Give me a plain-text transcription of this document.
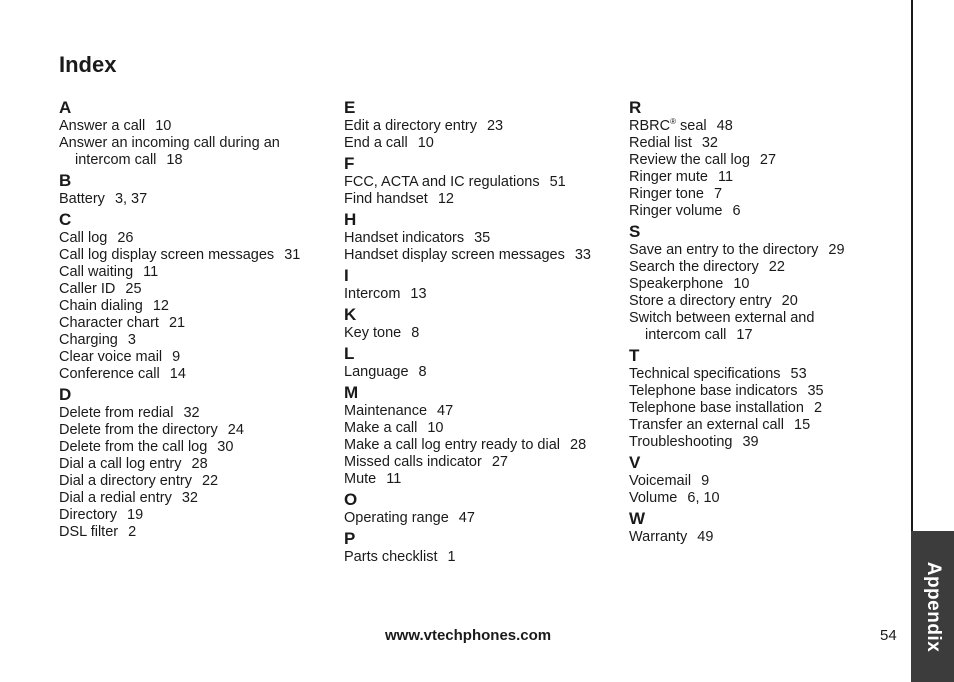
Appendix
Index
A
Answer a call 10
Answer an incoming call during an
intercom call 18
B
Battery 3, 37
C
Call log 26
Call log display screen messages 31
Call waiting 11
Caller ID 25
Chain dialing 12
Character chart 21
Charging 3
Clear voice mail 9
Conference call 14
D
Delete from redial 32
Delete from the directory 24
Delete from the call log 30
Dial a call log entry 28
Dial a directory entry 22
Dial a redial entry 32
Directory 19
DSL filter 2
E
Edit a directory entry 23
End a call 10
F
FCC, ACTA and IC regulations 51
Find handset 12
H
Handset indicators 35
Handset display screen messages 33
I
Intercom 13
K
Key tone 8
L
Language 8
M
Maintenance 47
Make a call 10
Make a call log entry ready to dial 28
Missed calls indicator 27
Mute 11
O
Operating range 47
P
Parts checklist 1
R
RBRC® seal 48
Redial list 32
Review the call log 27
Ringer mute 11
Ringer tone 7
Ringer volume 6
S
Save an entry to the directory 29
Search the directory 22
Speakerphone 10
Store a directory entry 20
Switch between external and
intercom call 17
T
Technical specifications 53
Telephone base indicators 35
Telephone base installation 2
Transfer an external call 15
Troubleshooting 39
V
Voicemail 9
Volume 6, 10
W
Warranty 49
www.vtechphones.com	54
